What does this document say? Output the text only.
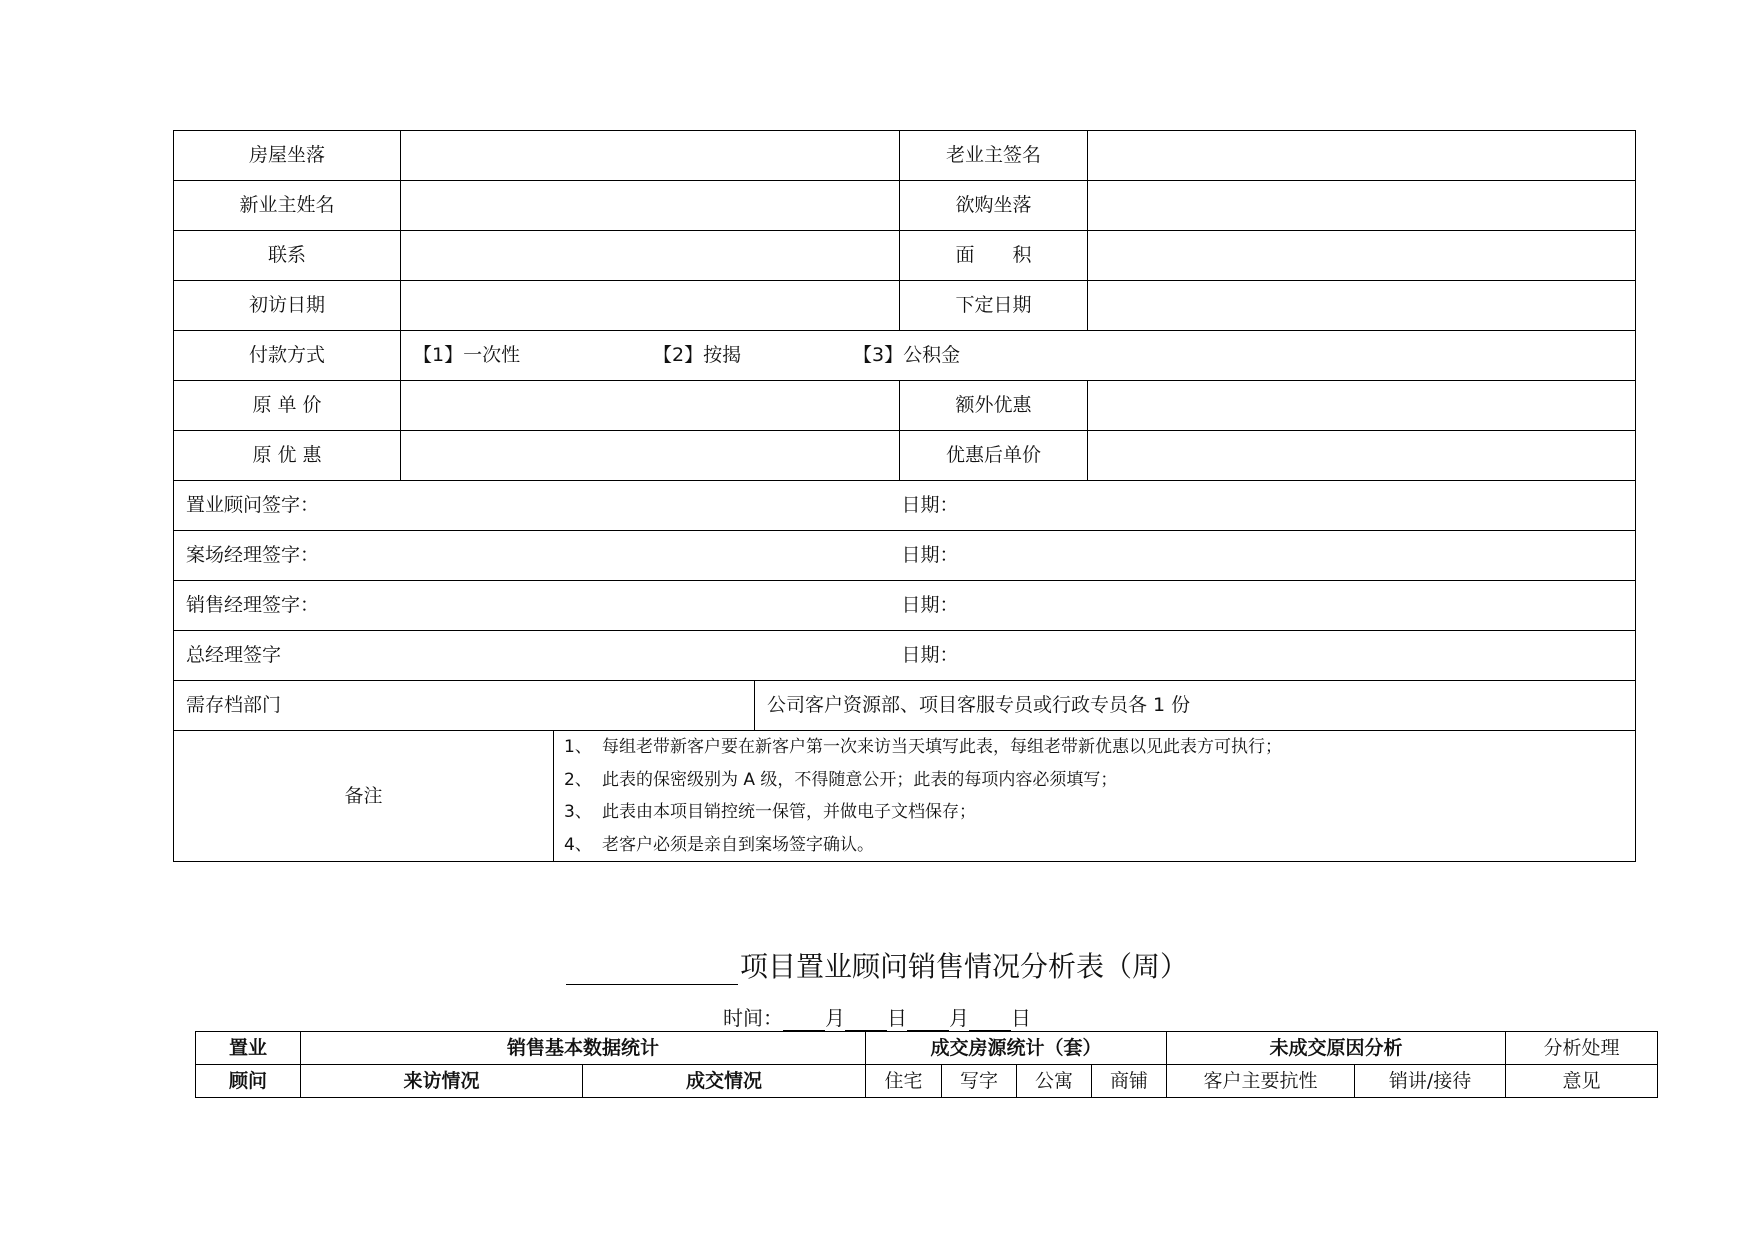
房屋坐落				老业主签名	
新业主姓名				欲购坐落	
联系				面　　积	
初访日期				下定日期	
付款方式	【1】一次性 【2】按揭 【3】公积金				

原 单 价				额外优惠	
原 优 惠				优惠后单价	
置业顾问签字：				日期：	
案场经理签字：				日期：	
销售经理签字：				日期：	
总经理签字				日期：	
需存档部门			公司客户资源部、项目客服专员或行政专员各 1 份		
备注		1、 每组老带新客户要在新客户第一次来访当天填写此表，每组老带新优惠以见此表方可执行；
2、 此表的保密级别为 A 级，不得随意公开；此表的每项内容必须填写；
3、 此表由本项目销控统一保管，并做电子文档保存；
4、 老客户必须是亲自到案场签字确认。			
项目置业顾问销售情况分析表（周）
时间： 月 日 月 日
置业	销售基本数据统计		成交房源统计（套）				未成交原因分析		分析处理
顾问	来访情况	成交情况	住宅	写字	公寓	商铺	客户主要抗性	销讲/接待	意见
